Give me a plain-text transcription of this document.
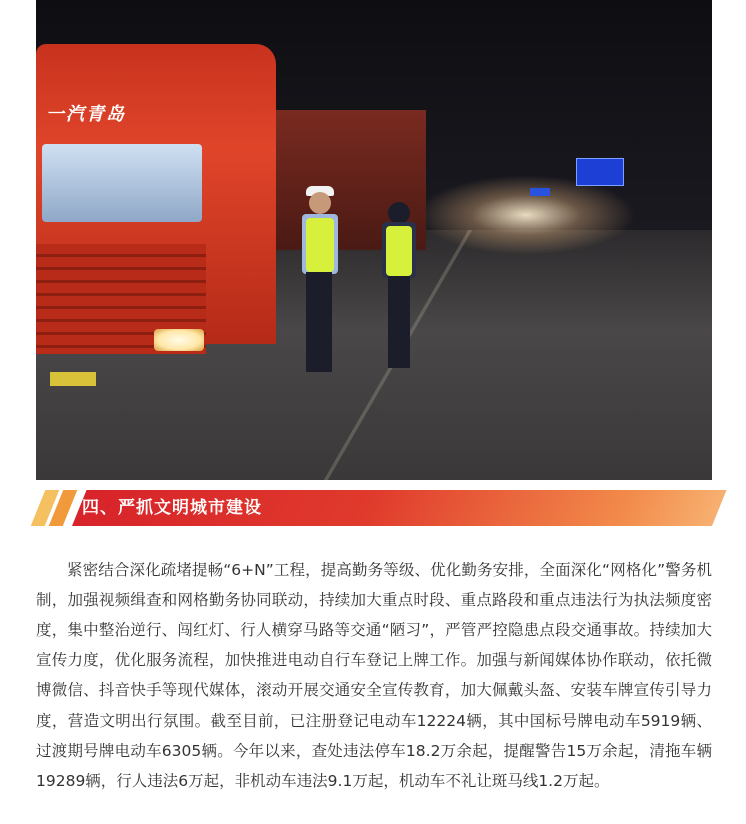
一汽青岛
四、严抓文明城市建设

紧密结合深化疏堵提畅“6+N”工程，提高勤务等级、优化勤务安排，全面深化“网格化”警务机制，加强视频缉查和网格勤务协同联动，持续加大重点时段、重点路段和重点违法行为执法频度密度，集中整治逆行、闯红灯、行人横穿马路等交通“陋习”，严管严控隐患点段交通事故。持续加大宣传力度，优化服务流程，加快推进电动自行车登记上牌工作。加强与新闻媒体协作联动，依托微博微信、抖音快手等现代媒体，滚动开展交通安全宣传教育，加大佩戴头盔、安装车牌宣传引导力度，营造文明出行氛围。截至目前，已注册登记电动车12224辆，其中国标号牌电动车5919辆、过渡期号牌电动车6305辆。今年以来，查处违法停车18.2万余起，提醒警告15万余起，清拖车辆19289辆，行人违法6万起，非机动车违法9.1万起，机动车不礼让斑马线1.2万起。
